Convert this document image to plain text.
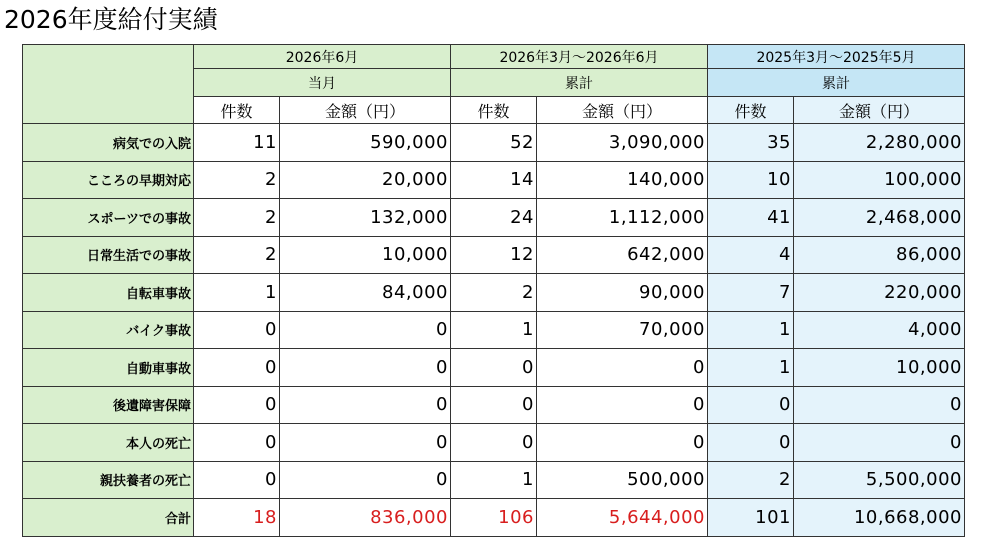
2026年度給付実績
	2026年6月		2026年3月～2026年6月		2025年3月～2025年5月	
	当月		累計		累計	
	件数	金額（円）	件数	金額（円）	件数	金額（円）
病気での入院	11	590,000	52	3,090,000	35	2,280,000
こころの早期対応	2	20,000	14	140,000	10	100,000
スポーツでの事故	2	132,000	24	1,112,000	41	2,468,000
日常生活での事故	2	10,000	12	642,000	4	86,000
自転車事故	1	84,000	2	90,000	7	220,000
バイク事故	0	0	1	70,000	1	4,000
自動車事故	0	0	0	0	1	10,000
後遺障害保障	0	0	0	0	0	0
本人の死亡	0	0	0	0	0	0
親扶養者の死亡	0	0	1	500,000	2	5,500,000
合計	18	836,000	106	5,644,000	101	10,668,000
